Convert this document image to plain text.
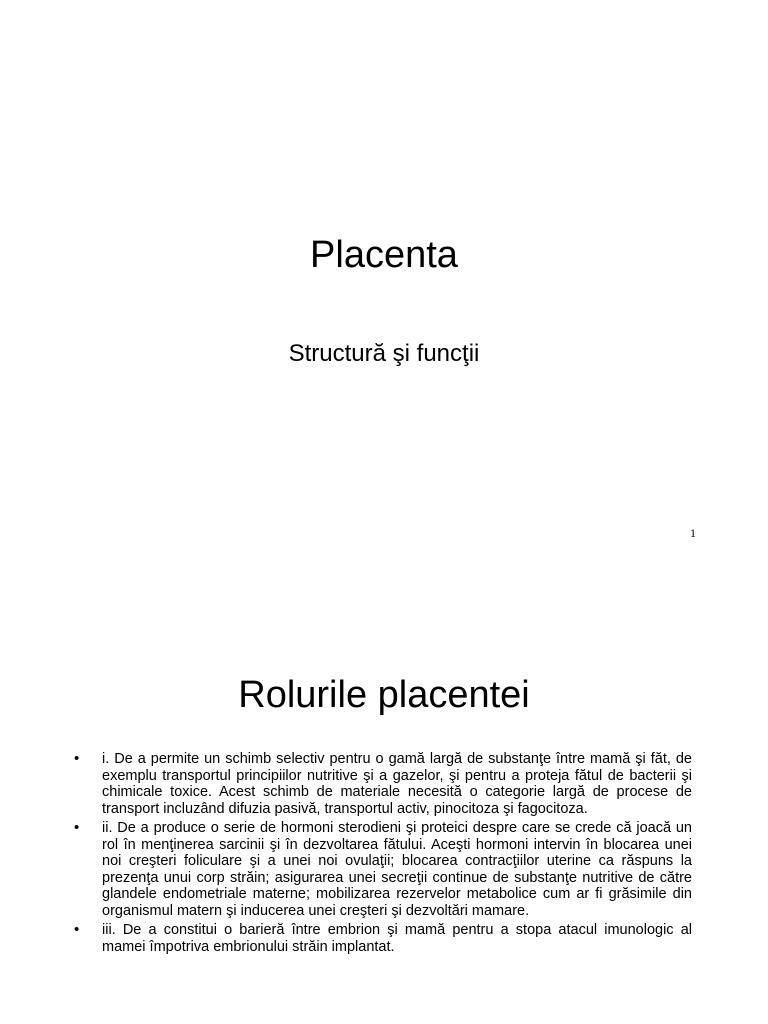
Placenta
Structură şi funcţii
1
Rolurile placentei
• i. De a permite un schimb selectiv pentru o gamă largă de substanţe între mamă şi făt, de exemplu transportul principiilor nutritive şi a gazelor, şi pentru a proteja fătul de bacterii şi chimicale toxice. Acest schimb de materiale necesită o categorie largă de procese de transport incluzând difuzia pasivă, transportul activ, pinocitoza şi fagocitoza.
• ii. De a produce o serie de hormoni sterodieni şi proteici despre care se crede că joacă un rol în menţinerea sarcinii şi în dezvoltarea fătului. Aceşti hormoni intervin în blocarea unei noi creşteri foliculare şi a unei noi ovulaţii; blocarea contracţiilor uterine ca răspuns la prezenţa unui corp străin; asigurarea unei secreţii continue de substanţe nutritive de către glandele endometriale materne; mobilizarea rezervelor metabolice cum ar fi grăsimile din organismul matern şi inducerea unei creşteri şi dezvoltări mamare.
• iii. De a constitui o barieră între embrion şi mamă pentru a stopa atacul imunologic al mamei împotriva embrionului străin implantat.
